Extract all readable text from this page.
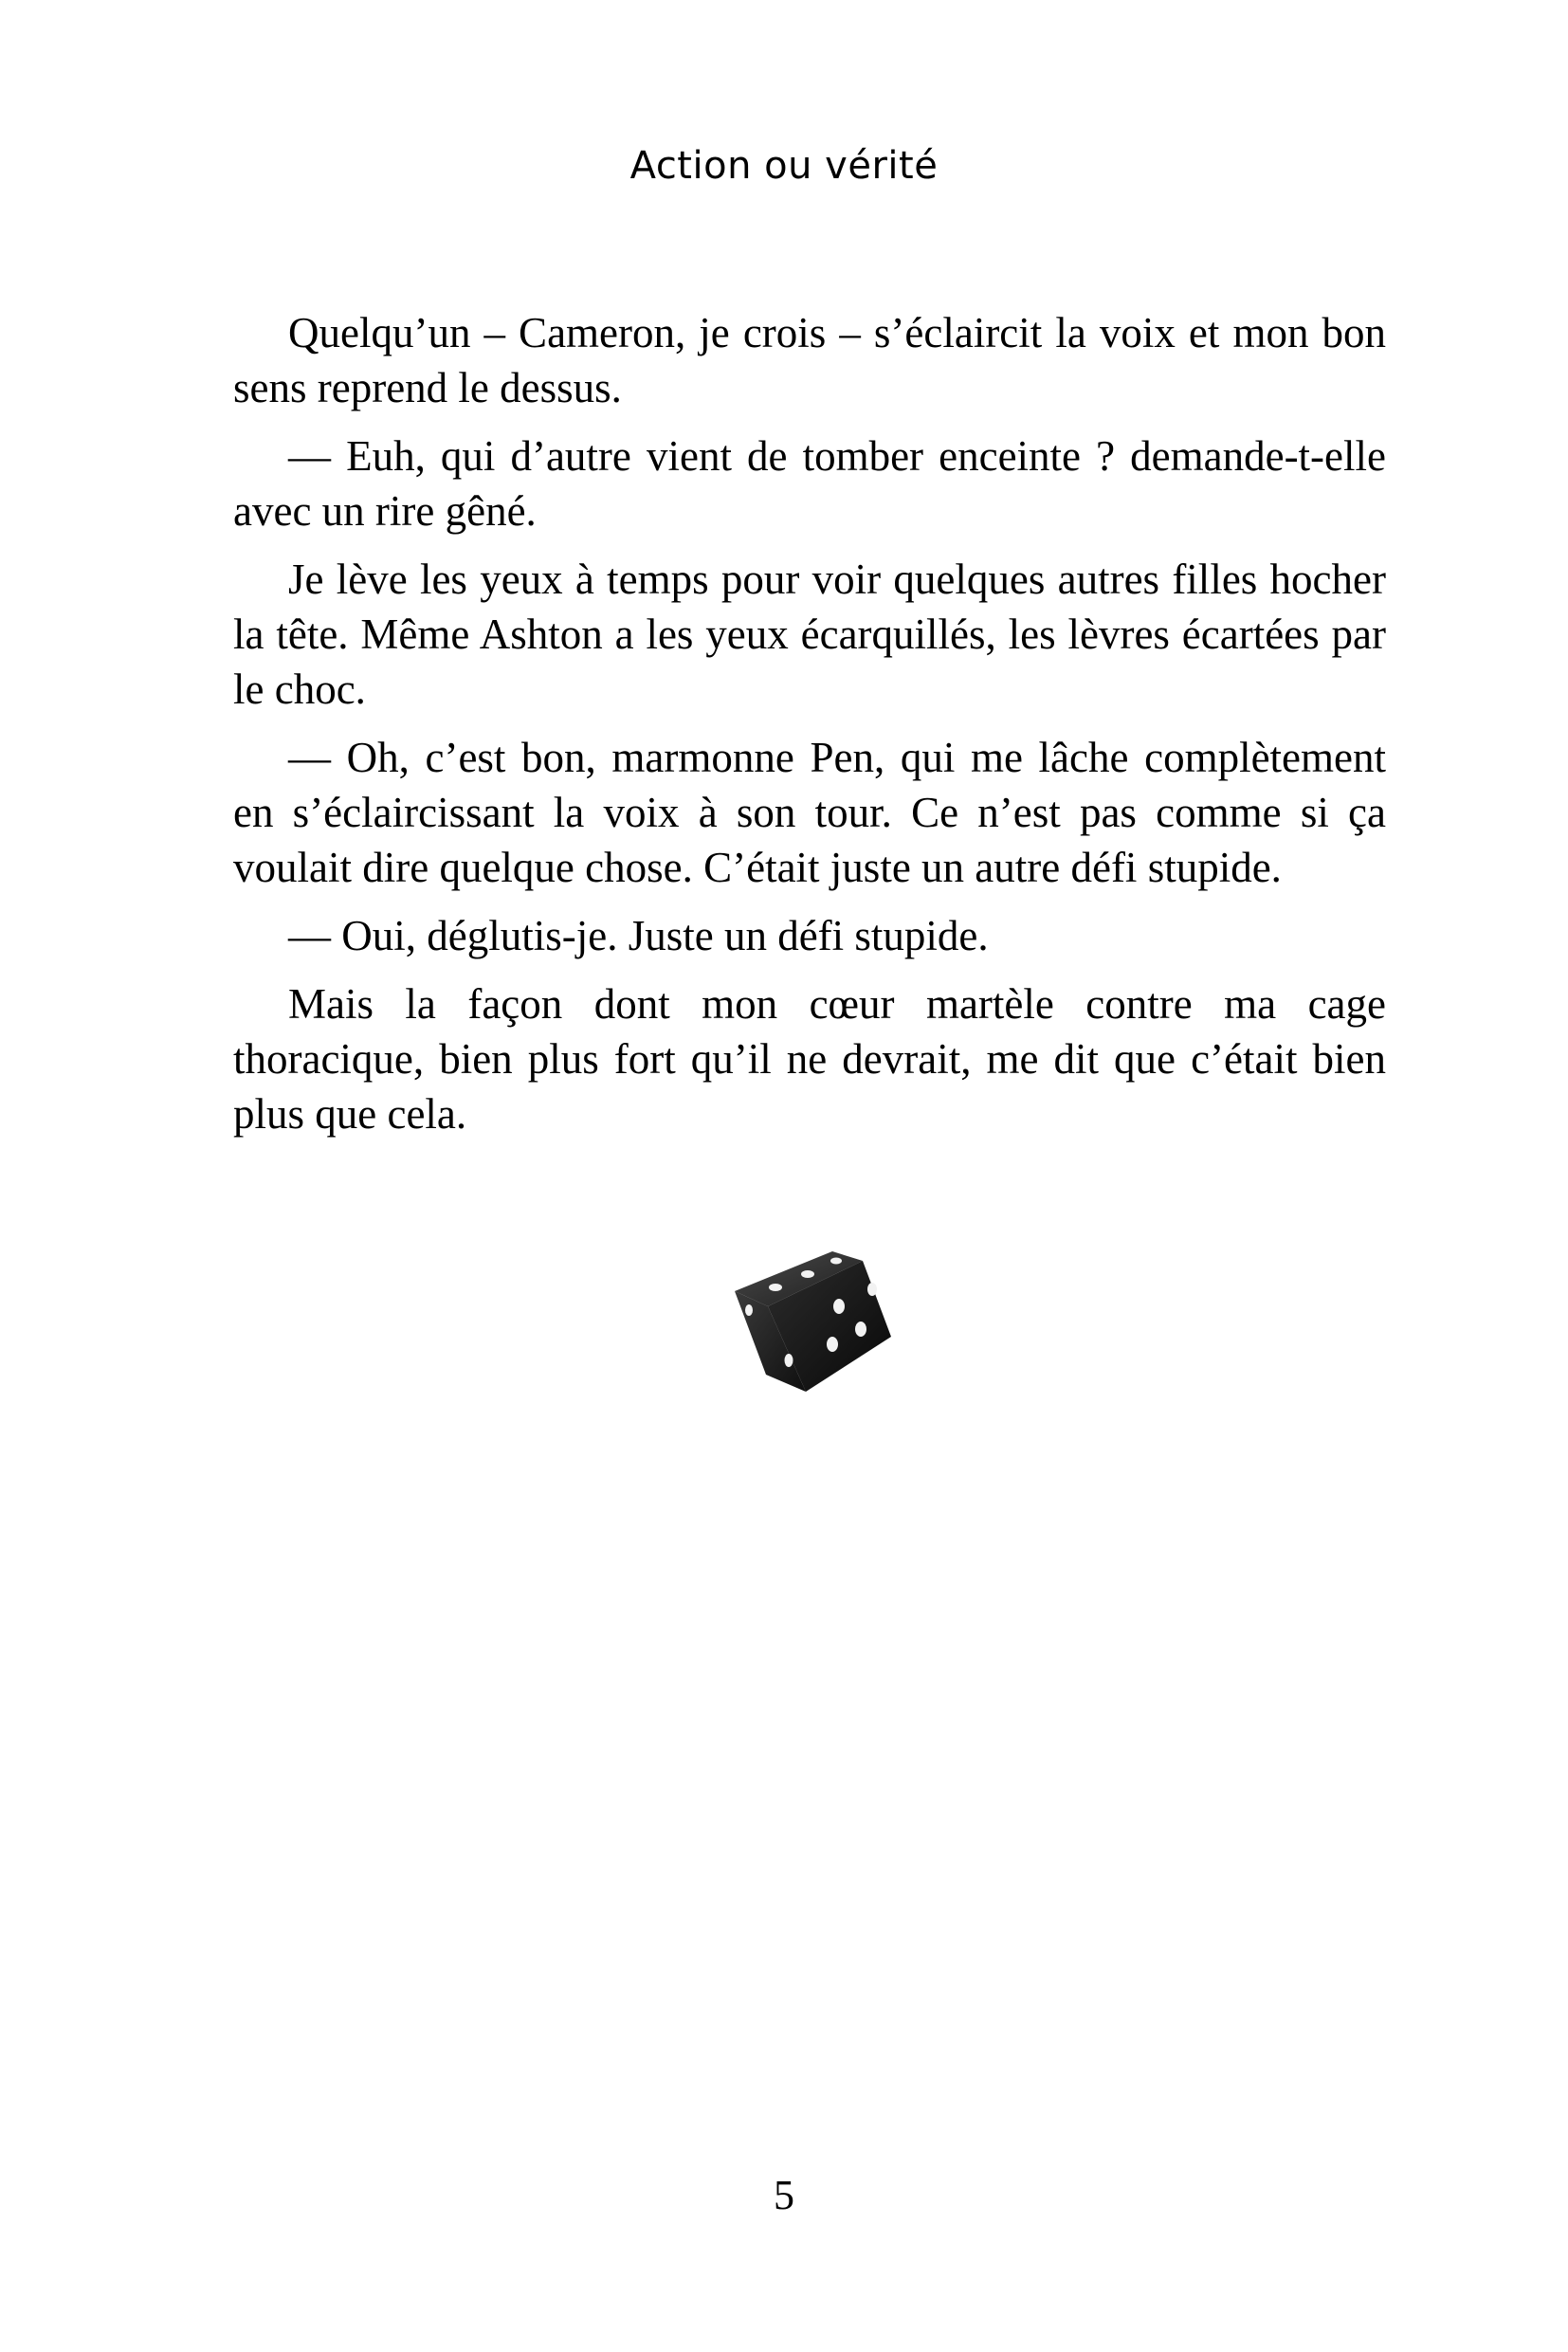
Action ou vérité

Quelqu’un – Cameron, je crois – s’éclaircit la voix et mon bon sens reprend le dessus.

— Euh, qui d’autre vient de tomber enceinte ? demande-t-elle avec un rire gêné.

Je lève les yeux à temps pour voir quelques autres filles hocher la tête. Même Ashton a les yeux écarquillés, les lèvres écartées par le choc.

— Oh, c’est bon, marmonne Pen, qui me lâche complètement en s’éclaircissant la voix à son tour. Ce n’est pas comme si ça voulait dire quelque chose. C’était juste un autre défi stupide.

— Oui, déglutis-je. Juste un défi stupide.

Mais la façon dont mon cœur martèle contre ma cage thoracique, bien plus fort qu’il ne devrait, me dit que c’était bien plus que cela.

5
